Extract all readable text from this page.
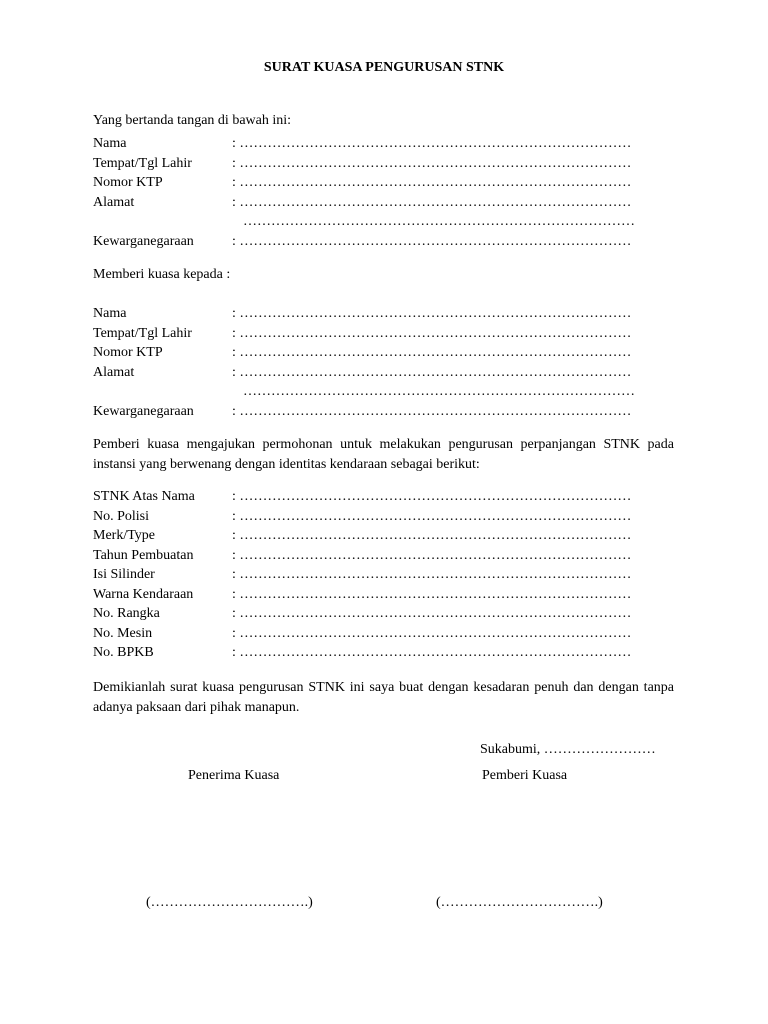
SURAT KUASA PENGURUSAN STNK

Yang bertanda tangan di bawah ini:

Nama	: …………………………………………………………………………
Tempat/Tgl Lahir	: …………………………………………………………………………
Nomor KTP	: …………………………………………………………………………
Alamat	: …………………………………………………………………………
…………………………………………………………………………
Kewarganegaraan	: …………………………………………………………………………

Memberi kuasa kepada :

Nama	: …………………………………………………………………………
Tempat/Tgl Lahir	: …………………………………………………………………………
Nomor KTP	: …………………………………………………………………………
Alamat	: …………………………………………………………………………
…………………………………………………………………………
Kewarganegaraan	: …………………………………………………………………………

Pemberi kuasa mengajukan permohonan untuk melakukan pengurusan perpanjangan STNK pada instansi yang berwenang dengan identitas kendaraan sebagai berikut:

STNK Atas Nama	: …………………………………………………………………………
No. Polisi	: …………………………………………………………………………
Merk/Type	: …………………………………………………………………………
Tahun Pembuatan	: …………………………………………………………………………
Isi Silinder	: …………………………………………………………………………
Warna Kendaraan	: …………………………………………………………………………
No. Rangka	: …………………………………………………………………………
No. Mesin	: …………………………………………………………………………
No. BPKB	: …………………………………………………………………………

Demikianlah surat kuasa pengurusan STNK ini saya buat dengan kesadaran penuh dan dengan tanpa adanya paksaan dari pihak manapun.

Sukabumi, ……………………
Penerima Kuasa	Pemberi Kuasa
(…………………………….)	(…………………………….)
